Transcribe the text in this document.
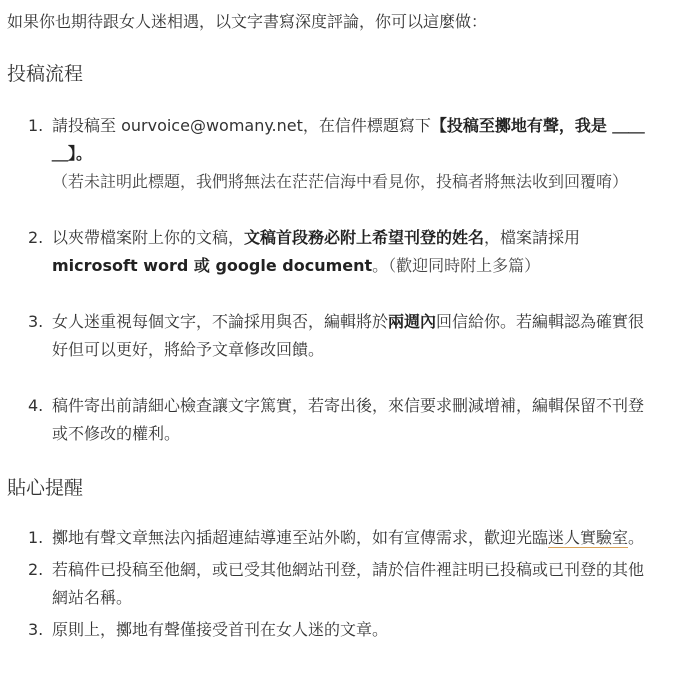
如果你也期待跟女人迷相遇，以文字書寫深度評論，你可以這麼做：

投稿流程
1. 請投稿至 ourvoice@womany.net，在信件標題寫下【投稿至擲地有聲，我是 ＿＿＿】。（若未註明此標題，我們將無法在茫茫信海中看見你，投稿者將無法收到回覆唷）
2. 以夾帶檔案附上你的文稿，文稿首段務必附上希望刊登的姓名，檔案請採用microsoft word 或 google document。（歡迎同時附上多篇）
3. 女人迷重視每個文字，不論採用與否，編輯將於兩週內回信給你。若編輯認為確實很好但可以更好，將給予文章修改回饋。
4. 稿件寄出前請細心檢查讓文字篤實，若寄出後，來信要求刪減增補，編輯保留不刊登或不修改的權利。
貼心提醒
1. 擲地有聲文章無法內插超連結導連至站外喲，如有宣傳需求，歡迎光臨迷人實驗室。
2. 若稿件已投稿至他網，或已受其他網站刊登，請於信件裡註明已投稿或已刊登的其他網站名稱。
3. 原則上，擲地有聲僅接受首刊在女人迷的文章。
